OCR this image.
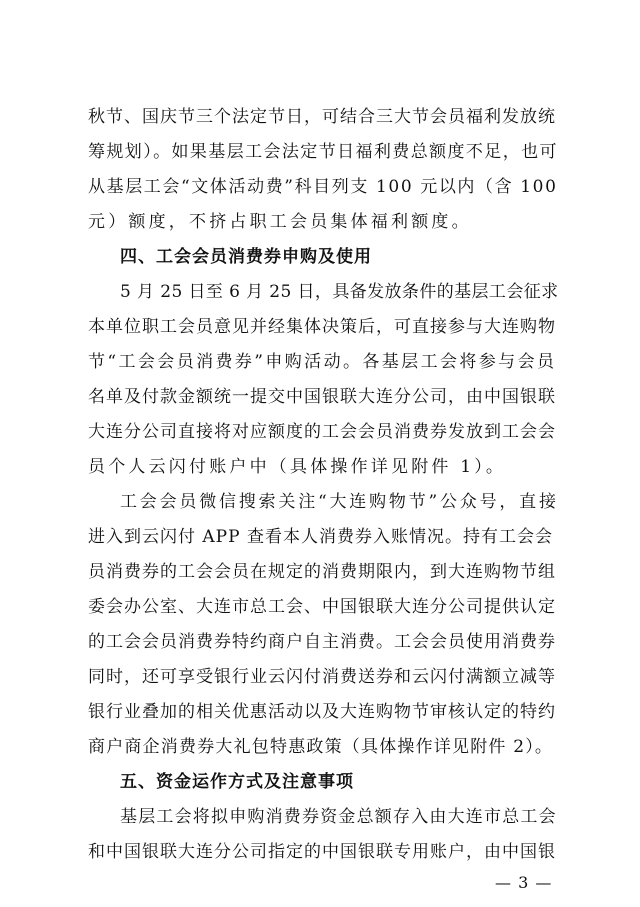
秋节、国庆节三个法定节日，可结合三大节会员福利发放统
筹规划）。如果基层工会法定节日福利费总额度不足，也可
从基层工会“文体活动费”科目列支 100 元以内（含 100
元）额度，不挤占职工会员集体福利额度。
四、工会会员消费券申购及使用
5 月 25 日至 6 月 25 日，具备发放条件的基层工会征求
本单位职工会员意见并经集体决策后，可直接参与大连购物
节“工会会员消费券”申购活动。各基层工会将参与会员
名单及付款金额统一提交中国银联大连分公司，由中国银联
大连分公司直接将对应额度的工会会员消费券发放到工会会
员个人云闪付账户中（具体操作详见附件 1）。
工会会员微信搜索关注“大连购物节”公众号，直接
进入到云闪付 APP 查看本人消费券入账情况。持有工会会
员消费券的工会会员在规定的消费期限内，到大连购物节组
委会办公室、大连市总工会、中国银联大连分公司提供认定
的工会会员消费券特约商户自主消费。工会会员使用消费券
同时，还可享受银行业云闪付消费送券和云闪付满额立减等
银行业叠加的相关优惠活动以及大连购物节审核认定的特约
商户商企消费券大礼包特惠政策（具体操作详见附件 2）。
五、资金运作方式及注意事项
基层工会将拟申购消费券资金总额存入由大连市总工会
和中国银联大连分公司指定的中国银联专用账户，由中国银
— 3 —
